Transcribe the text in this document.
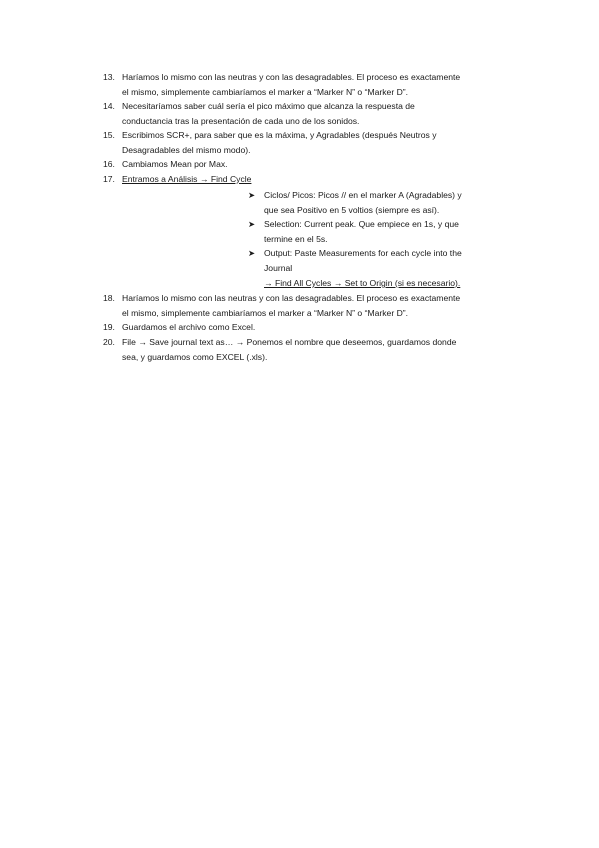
13. Haríamos lo mismo con las neutras y con las desagradables. El proceso es exactamente
el mismo, simplemente cambiaríamos el marker a “Marker N” o “Marker D”.
14. Necesitaríamos saber cuál sería el pico máximo que alcanza la respuesta de
conductancia tras la presentación de cada uno de los sonidos.
15. Escribimos SCR+, para saber que es la máxima, y Agradables (después Neutros y
Desagradables del mismo modo).
16. Cambiamos Mean por Max.
17. Entramos a Análisis → Find Cycle
➤	Ciclos/ Picos: Picos // en el marker A (Agradables) y
que sea Positivo en 5 voltios (siempre es así).
➤	Selection: Current peak. Que empiece en 1s, y que
termine en el 5s.
➤	Output: Paste Measurements for each cycle into the
Journal
→ Find All Cycles → Set to Origin (si es necesario).
18. Haríamos lo mismo con las neutras y con las desagradables. El proceso es exactamente
el mismo, simplemente cambiaríamos el marker a “Marker N” o “Marker D”.
19. Guardamos el archivo como Excel.
20. File → Save journal text as… → Ponemos el nombre que deseemos, guardamos donde
sea, y guardamos como EXCEL (.xls).
